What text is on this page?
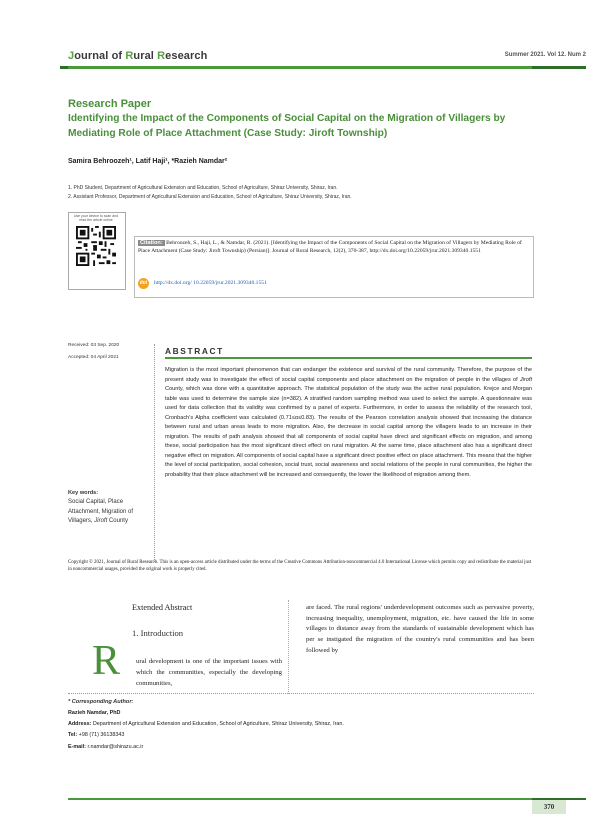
Journal of Rural Research	Summer 2021. Vol 12. Num 2
Research Paper
Identifying the Impact of the Components of Social Capital on the Migration of Villagers by Mediating Role of Place Attachment (Case Study: Jiroft Township)
Samira Behroozeh¹, Latif Haji¹, *Razieh Namdar²
1. PhD Student, Department of Agricultural Extension and Education, School of Agriculture, Shiraz University, Shiraz, Iran.
2. Assistant Professor, Department of Agricultural Extension and Education, School of Agriculture, Shiraz University, Shiraz, Iran.
Use your device to scan and read the article online
Citation: Behroozeh, S., Haji, L., & Namdar, R. (2021). [Identifying the Impact of the Components of Social Capital on the Migration of Villagers by Mediating Role of Place Attachment (Case Study: Jiroft Township) (Persian)]. Journal of Rural Research, 12(2), 370-387, http://dx.doi.org/10.22059/jrur.2021.309340.1551
doi	http://dx.doi.org/ 10.22059/jrur.2021.309340.1551
Received: 03 Sep. 2020
Accepted: 04 April 2021
Key words:
Social Capital, Place Attachment, Migration of Villagers, Jiroft County
ABSTRACT
Migration is the most important phenomenon that can endanger the existence and survival of the rural community. Therefore, the purpose of the present study was to investigate the effect of social capital components and place attachment on the migration of people in the villages of Jiroft County, which was done with a quantitative approach. The statistical population of the study was the active rural population. Krejce and Morgan table was used to determine the sample size (n=382). A stratified random sampling method was used to select the sample. A questionnaire was used for data collection that its validity was confirmed by a panel of experts. Furthermore, in order to assess the reliability of the research tool, Cronbach's Alpha coefficient was calculated (0.71≤α≤0.83). The results of the Pearson correlation analysis showed that increasing the distance between rural and urban areas leads to more migration. Also, the decrease in social capital among the villagers leads to an increase in their migration. The results of path analysis showed that all components of social capital have direct and significant effects on migration, and among these, social participation has the most significant direct effect on rural migration. At the same time, place attachment also has a significant direct negative effect on migration. All components of social capital have a significant direct positive effect on place attachment. This means that the higher the level of social participation, social cohesion, social trust, social awareness and social relations of the people in rural communities, the higher the probability that their place attachment will be increased and consequently, the lower the likelihood of migration among them.
Copyright © 2021, Journal of Rural Research. This is an open-access article distributed under the terms of the Creative Commons Attribution-noncommercial 4.0 International License which permits copy and redistribute the material just in noncommercial usages, provided the original work is properly cited.
Extended Abstract
1. Introduction
R ural development is one of the important issues with which the communities, especially the developing communities,
are faced. The rural regions' underdevelopment outcomes such as pervasive poverty, increasing inequality, unemployment, migration, etc. have caused the life in some villages to distance away from the standards of sustainable development which has per se instigated the migration of the country's rural communities and has been followed by
* Corresponding Author:
Razieh Namdar, PhD
Address: Department of Agricultural Extension and Education, School of Agriculture, Shiraz University, Shiraz, Iran.
Tel: +98 (71) 36138343
E-mail: r.namdar@shirazu.ac.ir
370
